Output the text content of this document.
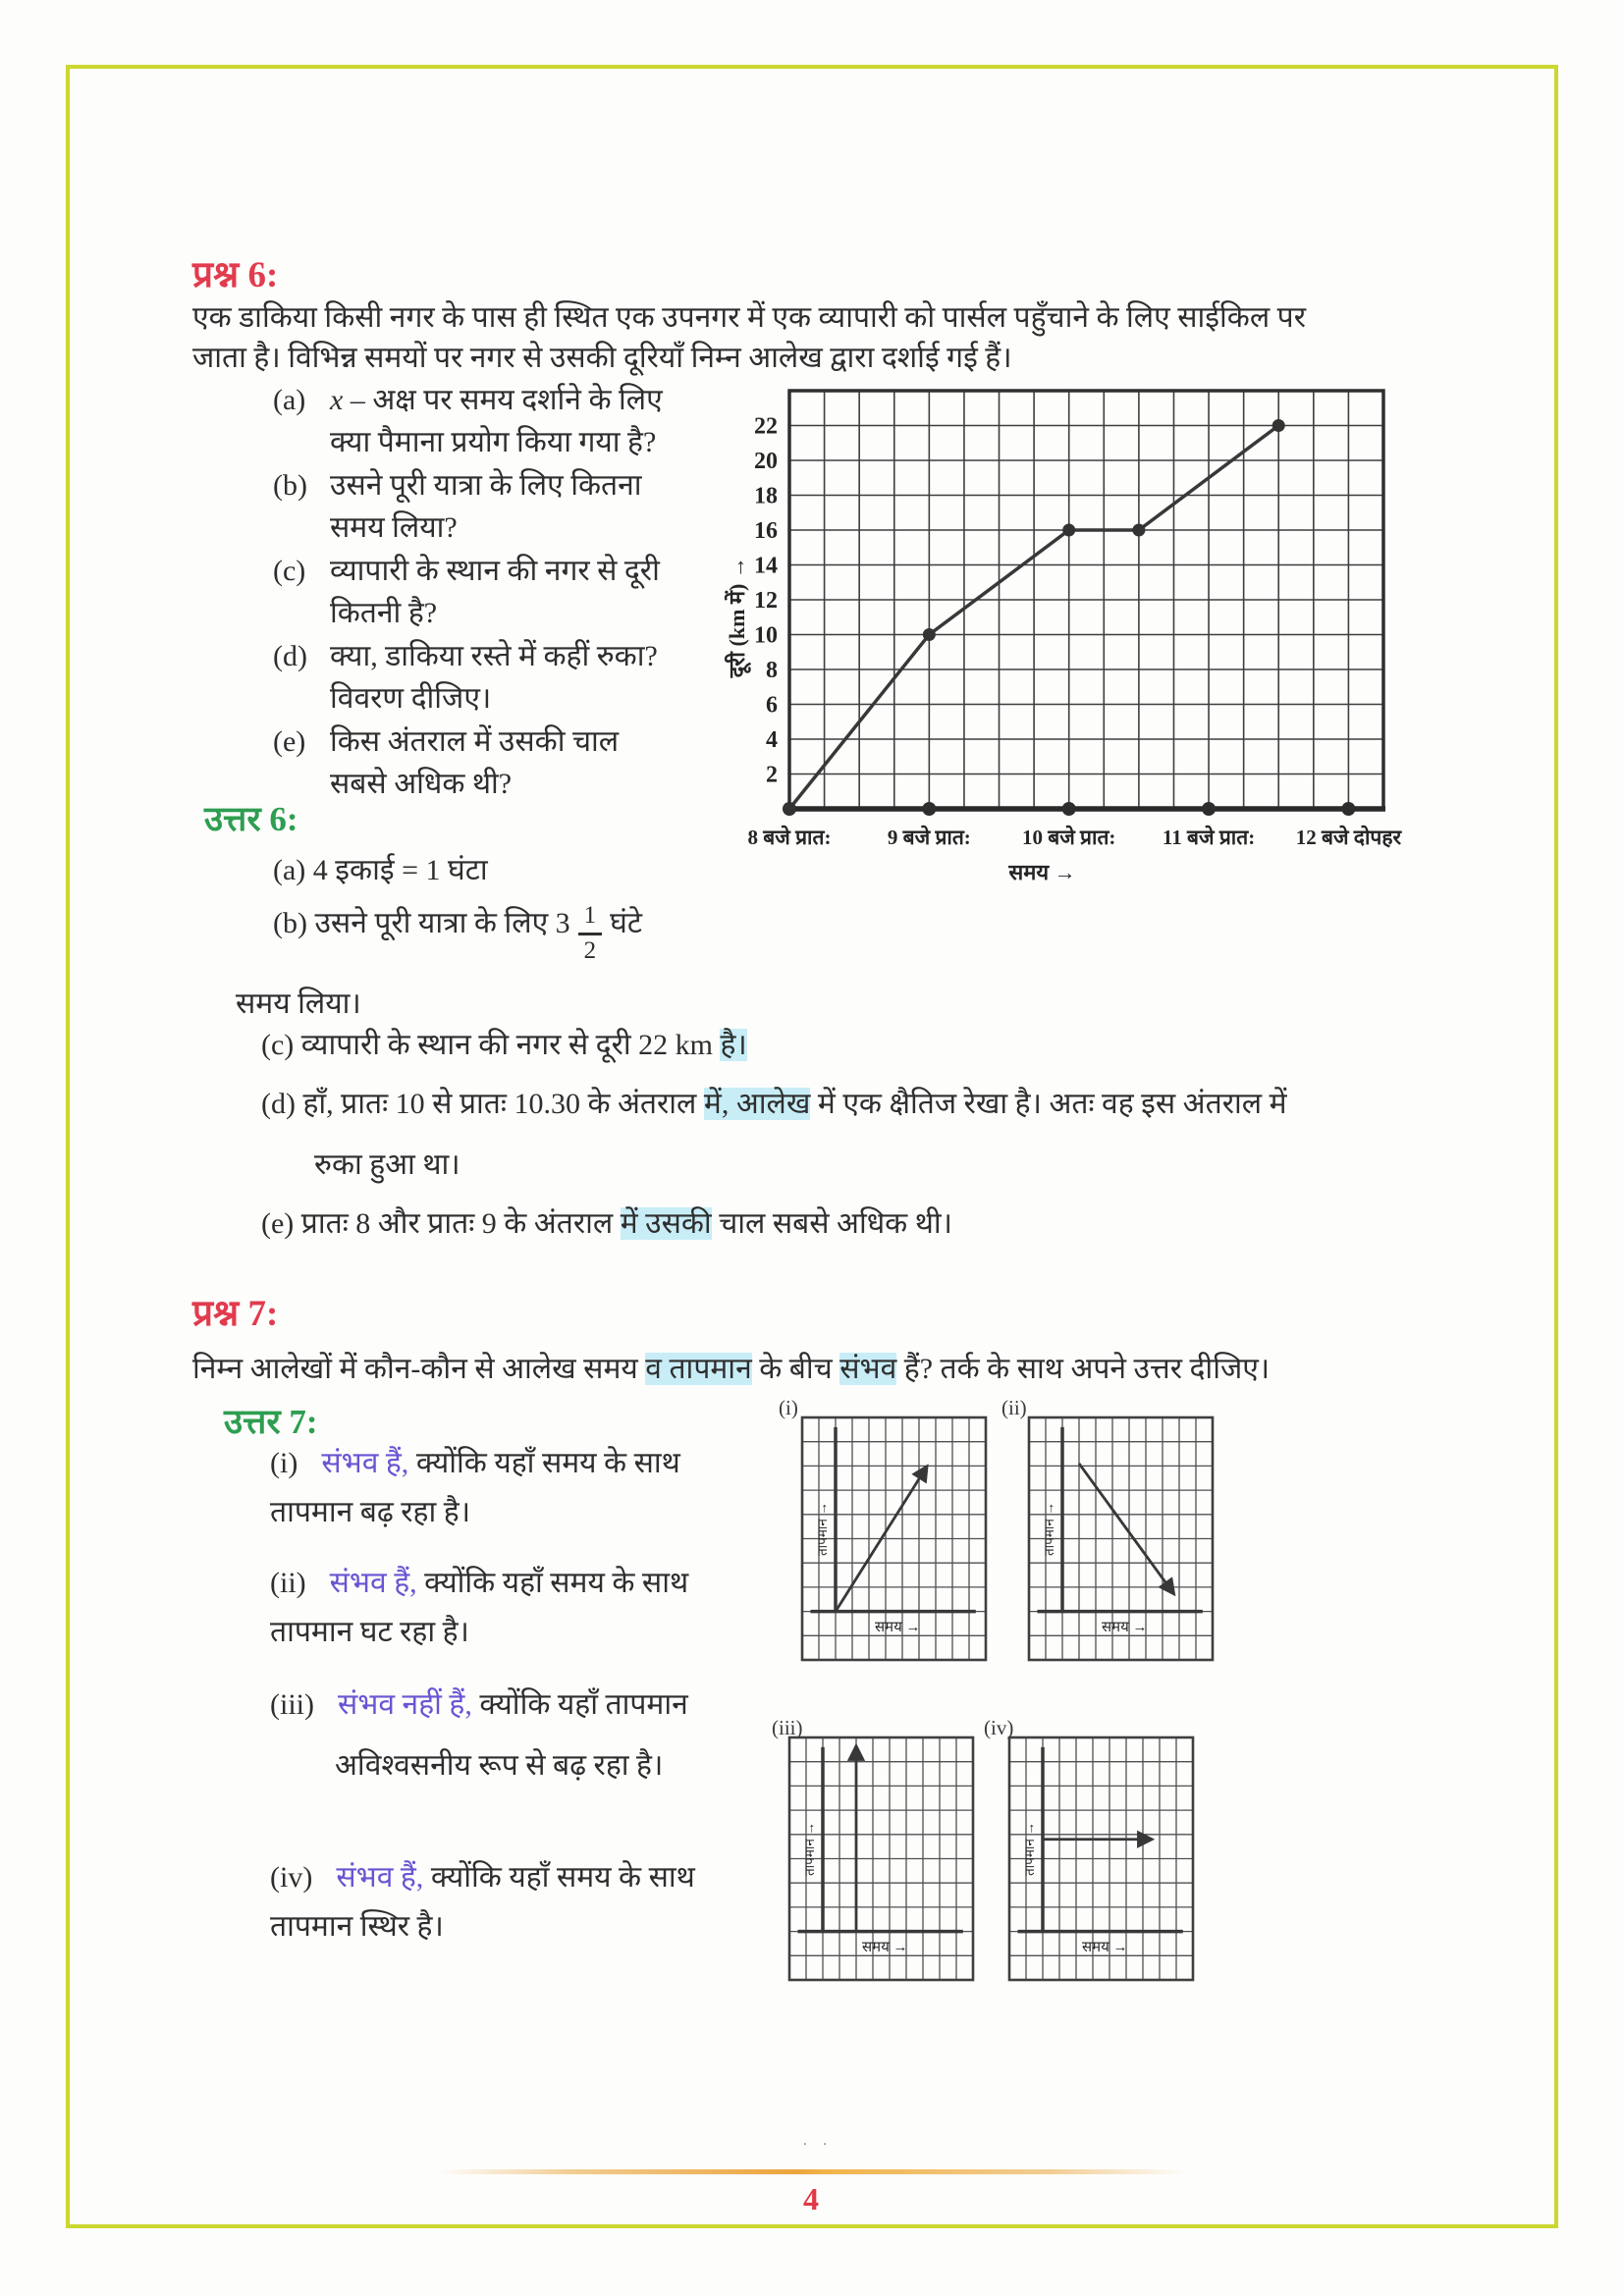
प्रश्न 6:
एक डाकिया किसी नगर के पास ही स्थित एक उपनगर में एक व्यापारी को पार्सल पहुँचाने के लिए साईकिल पर
जाता है। विभिन्न समयों पर नगर से उसकी दूरियाँ निम्न आलेख द्वारा दर्शाई गई हैं।
(a) x – अक्ष पर समय दर्शाने के लिए
क्या पैमाना प्रयोग किया गया है?
(b) उसने पूरी यात्रा के लिए कितना
समय लिया?
(c) व्यापारी के स्थान की नगर से दूरी
कितनी है?
(d) क्या, डाकिया रस्ते में कहीं रुका?
विवरण दीजिए।
(e) किस अंतराल में उसकी चाल
सबसे अधिक थी?	2
4
6
8
10
12
14
16
18
20
22
दूरी (km में) →
8 बजे प्रात:	9 बजे प्रात: 10 बजे प्रात: 11 बजे प्रात: 12 बजे दोपहर
समय →
उत्तर 6:
(a) 4 इकाई = 1 घंटा
(b) उसने पूरी यात्रा के लिए $3 \frac{1}{2}$ घंटे
समय लिया।
(c) व्यापारी के स्थान की नगर से दूरी 22 km है।
(d) हाँ, प्रातः 10 से प्रातः 10.30 के अंतराल में, आलेख में एक क्षैतिज रेखा है। अतः वह इस अंतराल में
रुका हुआ था।
(e) प्रातः 8 और प्रातः 9 के अंतराल में उसकी चाल सबसे अधिक थी।
प्रश्न 7:
निम्न आलेखों में कौन-कौन से आलेख समय व तापमान के बीच संभव हैं? तर्क के साथ अपने उत्तर दीजिए।
उत्तर 7:
(i) संभव हैं, क्योंकि यहाँ समय के साथ
तापमान बढ़ रहा है।
(ii) संभव हैं, क्योंकि यहाँ समय के साथ
तापमान घट रहा है।
(iii) संभव नहीं हैं, क्योंकि यहाँ तापमान
अविश्वसनीय रूप से बढ़ रहा है।
(iv) संभव हैं, क्योंकि यहाँ समय के साथ
तापमान स्थिर है।
(i)
तापमान →
समय →
(ii)
तापमान →
समय →
(iii)
तापमान →
समय →
(iv)
तापमान →
समय →
. .
4
